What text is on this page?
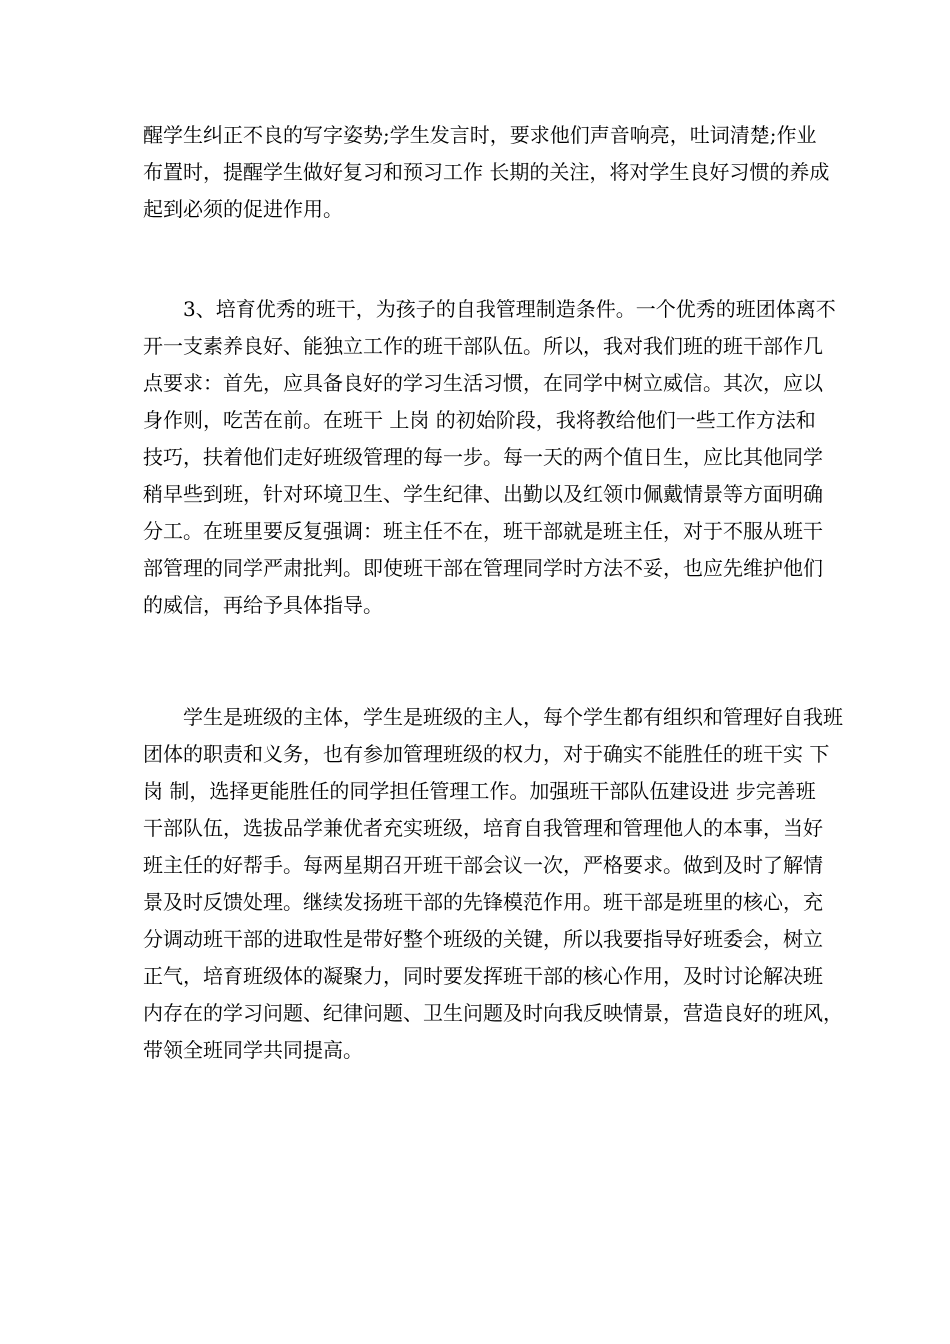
醒学生纠正不良的写字姿势;学生发言时，要求他们声音响亮，吐词清楚;作业
布置时，提醒学生做好复习和预习工作 长期的关注，将对学生良好习惯的养成
起到必须的促进作用。
　　3、培育优秀的班干，为孩子的自我管理制造条件。一个优秀的班团体离不
开一支素养良好、能独立工作的班干部队伍。所以，我对我们班的班干部作几
点要求：首先，应具备良好的学习生活习惯，在同学中树立威信。其次，应以
身作则，吃苦在前。在班干 上岗 的初始阶段，我将教给他们一些工作方法和
技巧，扶着他们走好班级管理的每一步。每一天的两个值日生，应比其他同学
稍早些到班，针对环境卫生、学生纪律、出勤以及红领巾佩戴情景等方面明确
分工。在班里要反复强调：班主任不在，班干部就是班主任，对于不服从班干
部管理的同学严肃批判。即使班干部在管理同学时方法不妥，也应先维护他们
的威信，再给予具体指导。
　　学生是班级的主体，学生是班级的主人，每个学生都有组织和管理好自我班
团体的职责和义务，也有参加管理班级的权力，对于确实不能胜任的班干实 下
岗 制，选择更能胜任的同学担任管理工作。加强班干部队伍建设进 步完善班
干部队伍，选拔品学兼优者充实班级，培育自我管理和管理他人的本事，当好
班主任的好帮手。每两星期召开班干部会议一次，严格要求。做到及时了解情
景及时反馈处理。继续发扬班干部的先锋模范作用。班干部是班里的核心，充
分调动班干部的进取性是带好整个班级的关键，所以我要指导好班委会，树立
正气，培育班级体的凝聚力，同时要发挥班干部的核心作用，及时讨论解决班
内存在的学习问题、纪律问题、卫生问题及时向我反映情景，营造良好的班风，
带领全班同学共同提高。
